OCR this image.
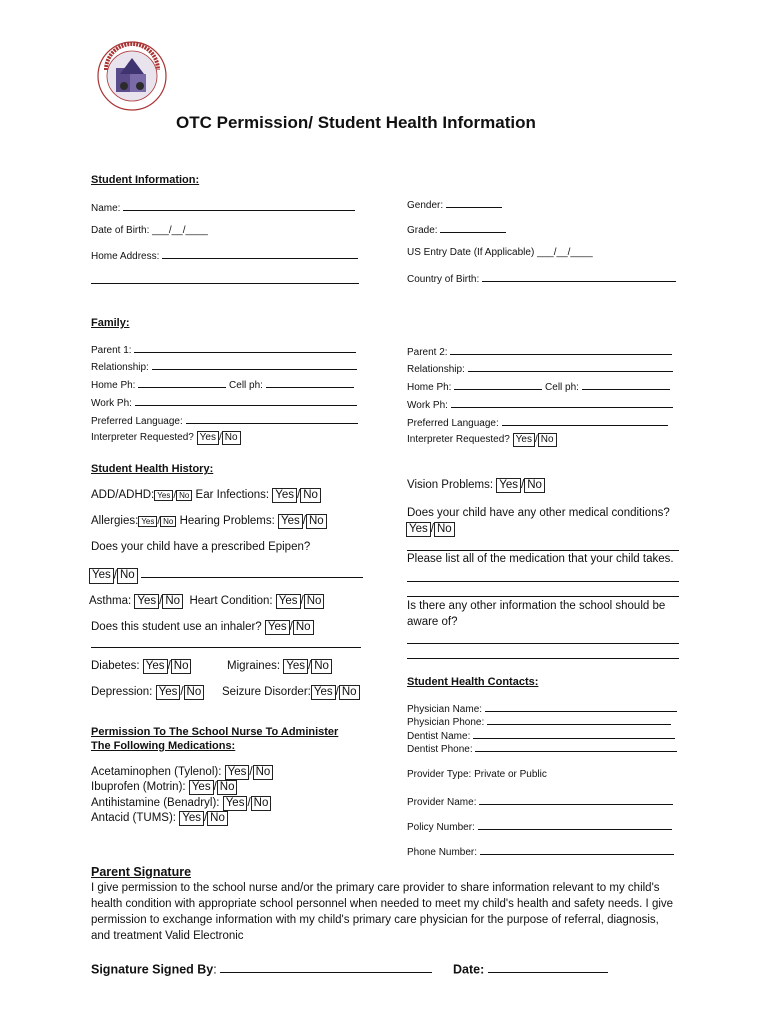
OTC Permission/ Student Health Information
Student Information:
Name:
Date of Birth: ___/__/____
Home Address:
Gender:
Grade:
US Entry Date (If Applicable) ___/__/____
Country of Birth:
Family:
Parent 1:
Relationship:
Home Ph:	Cell ph:
Work Ph:
Preferred Language:
Interpreter Requested? Yes / No
Parent 2:
Relationship:
Home Ph:	Cell ph:
Work Ph:
Preferred Language:
Interpreter Requested? Yes / No
Student Health History:
ADD/ADHD: Yes / No Ear Infections: Yes / No
Allergies: Yes / No Hearing Problems: Yes / No
Does your child have a prescribed Epipen?
Yes / No
Asthma: Yes / No Heart Condition: Yes / No
Does this student use an inhaler? Yes / No
Diabetes: Yes / No	Migraines: Yes / No
Depression: Yes / No Seizure Disorder: Yes / No
Vision Problems: Yes / No
Does your child have any other medical conditions?
Yes / No
Please list all of the medication that your child takes.
Is there any other information the school should be
aware of?
Permission To The School Nurse To Administer
The Following Medications:
Acetaminophen (Tylenol): Yes / No
Ibuprofen (Motrin): Yes / No
Antihistamine (Benadryl): Yes / No
Antacid (TUMS): Yes / No
Student Health Contacts:
Physician Name:
Physician Phone:
Dentist Name:
Dentist Phone:
Provider Type: Private or Public
Provider Name:
Policy Number:
Phone Number:
Parent Signature
I give permission to the school nurse and/or the primary care provider to share information relevant to my child's health condition with appropriate school personnel when needed to meet my child's health and safety needs. I give permission to exchange information with my child's primary care physician for the purpose of referral, diagnosis, and treatment Valid Electronic
Signature Signed By:	Date:
